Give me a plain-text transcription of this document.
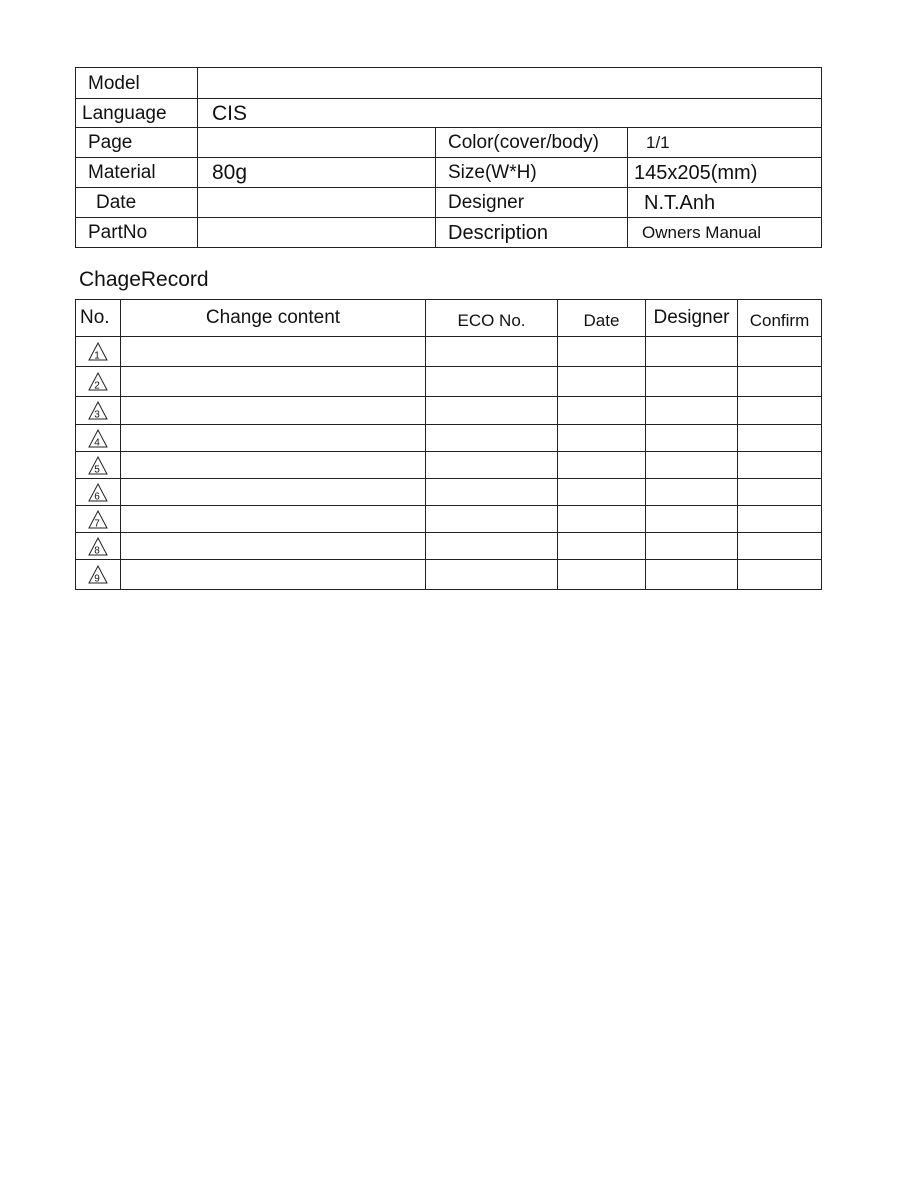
Model			
Language	CIS		
Page		Color(cover/body)	1/1
Material	80g	Size(W*H)	145x205(mm)
Date		Designer	N.T.Anh
PartNo		Description	Owners Manual
ChageRecord
No.	Change content	ECO No.	Date	Designer	Confirm

1					

2					

3					

4					

5					

6					

7					

8					

9					
